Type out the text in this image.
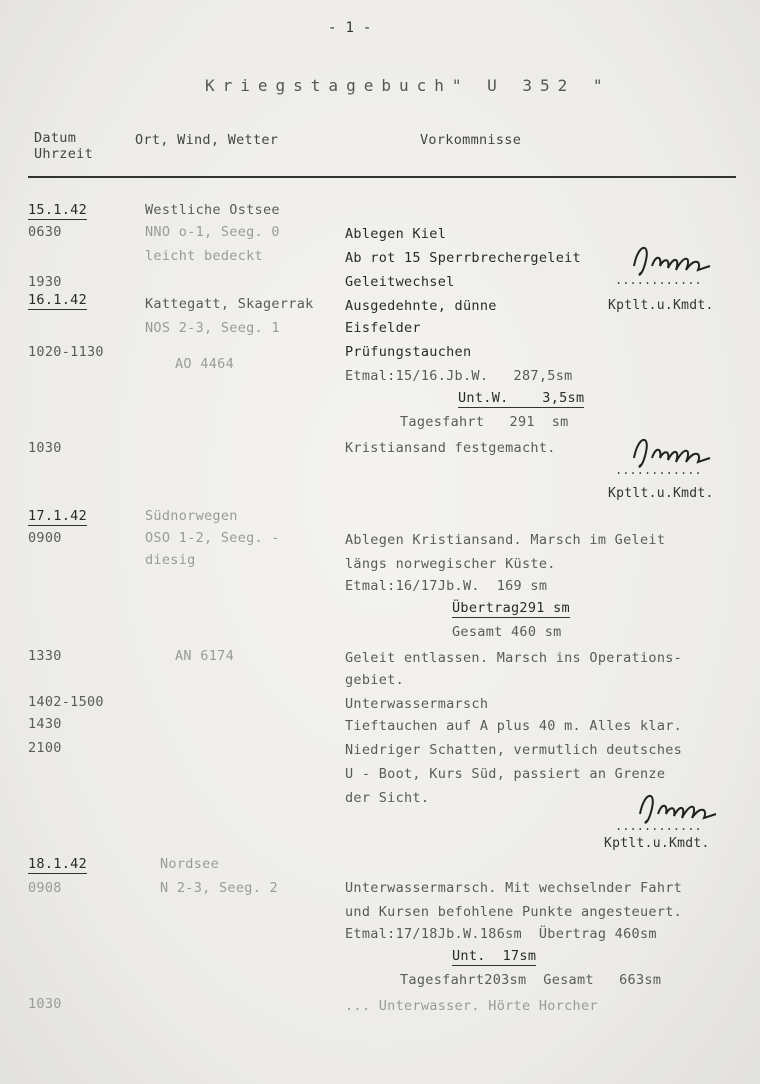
- 1 -
Kriegstagebuch" U 352 "
Datum
Uhrzeit
Ort, Wind, Wetter	Vorkommnisse
15.1.42
0630
1930
16.1.42
1020-1130
1030
17.1.42
0900
1330
1402-1500
1430
2100
18.1.42
0908
1030
Westliche Ostsee
NNO o-1, Seeg. 0
leicht bedeckt
Kattegatt, Skagerrak
NOS 2-3, Seeg. 1
AO 4464
Südnorwegen
OSO 1-2, Seeg. -
diesig
AN 6174
Nordsee
N 2-3, Seeg. 2
Ablegen Kiel
Ab rot 15 Sperrbrechergeleit
Geleitwechsel
Ausgedehnte, dünne
Eisfelder
Prüfungstauchen
Etmal:15/16.Jb.W.   287,5sm
Unt.W.    3,5sm
Tagesfahrt   291  sm
Kristiansand festgemacht.
Ablegen Kristiansand. Marsch im Geleit
längs norwegischer Küste.
Etmal:16/17Jb.W.  169 sm
Übertrag291 sm
Gesamt 460 sm
Geleit entlassen. Marsch ins Operations-
gebiet.
Unterwassermarsch
Tieftauchen auf A plus 40 m. Alles klar.
Niedriger Schatten, vermutlich deutsches
U - Boot, Kurs Süd, passiert an Grenze
der Sicht.
Unterwassermarsch. Mit wechselnder Fahrt
und Kursen befohlene Punkte angesteuert.
Etmal:17/18Jb.W.186sm  Übertrag 460sm
Unt.  17sm
Tagesfahrt203sm  Gesamt   663sm
... Unterwasser. Hörte Horcher
............
Kptlt.u.Kmdt.
............
Kptlt.u.Kmdt.
............
Kptlt.u.Kmdt.
